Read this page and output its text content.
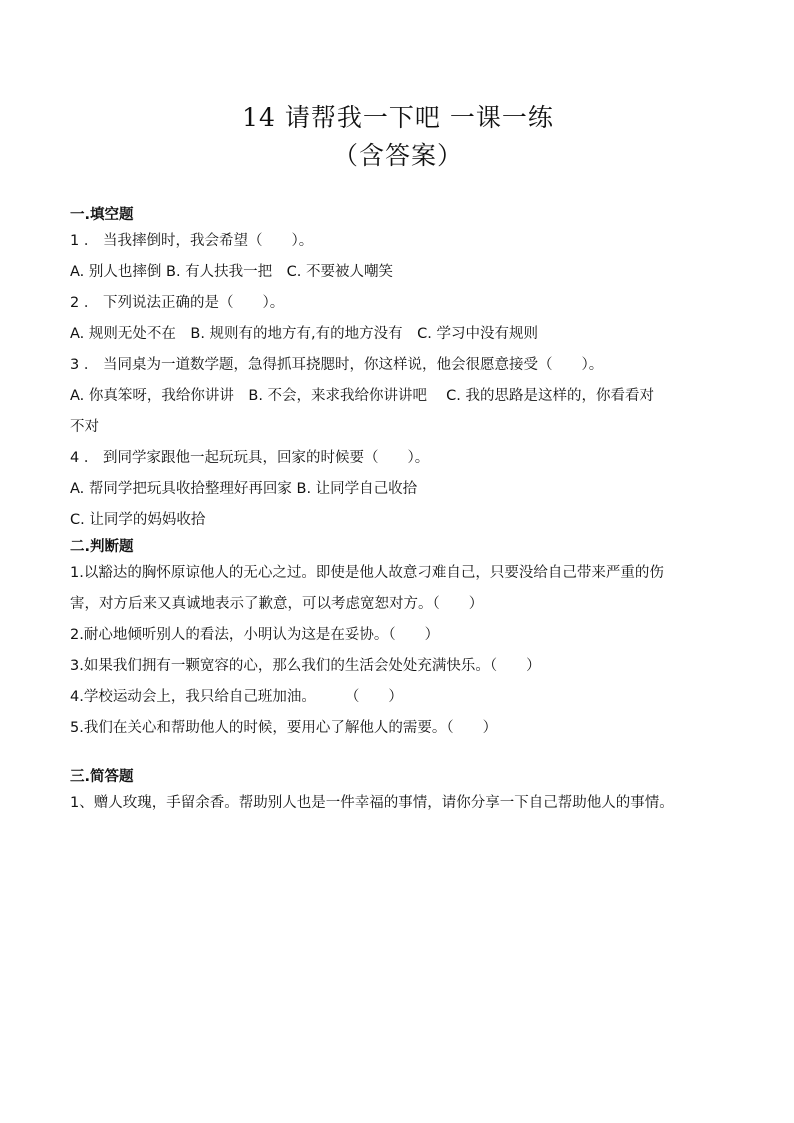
14 请帮我一下吧 一课一练
（含答案）

一.填空题

1 ． 当我摔倒时，我会希望（　　）。

A. 别人也摔倒 B. 有人扶我一把　C. 不要被人嘲笑

2 ． 下列说法正确的是（　　）。

A. 规则无处不在　B. 规则有的地方有,有的地方没有　C. 学习中没有规则

3 ． 当同桌为一道数学题，急得抓耳挠腮时，你这样说，他会很愿意接受（　　）。

A. 你真笨呀，我给你讲讲　B. 不会，来求我给你讲讲吧　 C. 我的思路是这样的，你看看对

不对

4 ． 到同学家跟他一起玩玩具，回家的时候要（　　）。

A. 帮同学把玩具收拾整理好再回家 B. 让同学自己收拾

C. 让同学的妈妈收拾

二.判断题

1.以豁达的胸怀原谅他人的无心之过。即使是他人故意刁难自己，只要没给自己带来严重的伤

害，对方后来又真诚地表示了歉意，可以考虑宽恕对方。（　　）

2.耐心地倾听别人的看法，小明认为这是在妥协。（　　）

3.如果我们拥有一颗宽容的心，那么我们的生活会处处充满快乐。（　　）

4.学校运动会上，我只给自己班加油。　　　（　　）

5.我们在关心和帮助他人的时候，要用心了解他人的需要。（　　）

三.简答题

1、赠人玫瑰，手留余香。帮助别人也是一件幸福的事情，请你分享一下自己帮助他人的事情。
